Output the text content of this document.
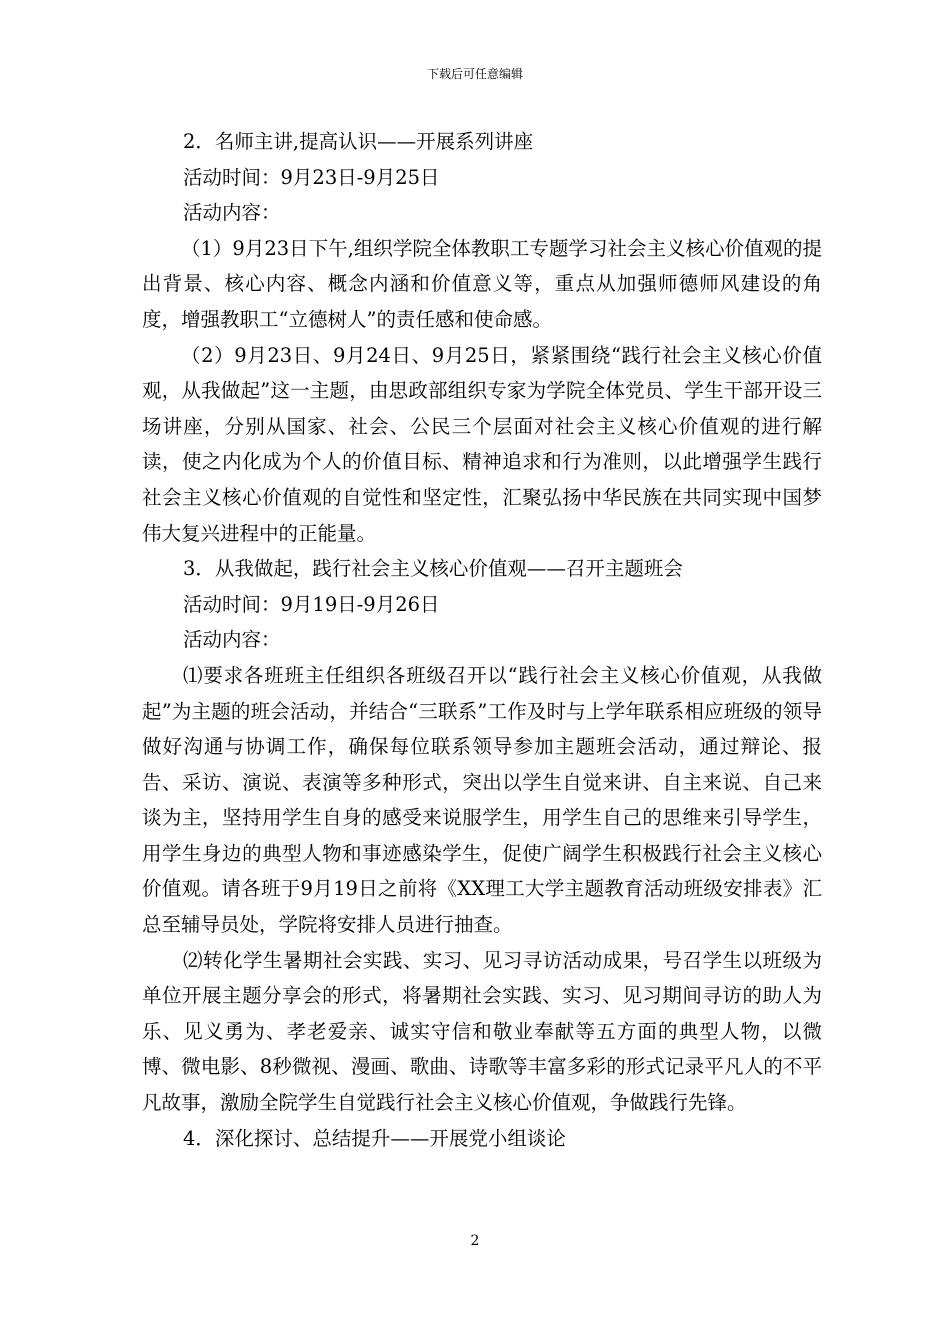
下载后可任意编辑

2．名师主讲,提高认识——开展系列讲座

活动时间：9月23日-9月25日

活动内容：

（1）9月23日下午,组织学院全体教职工专题学习社会主义核心价值观的提出背景、核心内容、概念内涵和价值意义等，重点从加强师德师风建设的角度，增强教职工“立德树人”的责任感和使命感。

（2）9月23日、9月24日、9月25日，紧紧围绕“践行社会主义核心价值观，从我做起”这一主题，由思政部组织专家为学院全体党员、学生干部开设三场讲座，分别从国家、社会、公民三个层面对社会主义核心价值观的进行解读，使之内化成为个人的价值目标、精神追求和行为准则，以此增强学生践行社会主义核心价值观的自觉性和坚定性，汇聚弘扬中华民族在共同实现中国梦伟大复兴进程中的正能量。

3．从我做起，践行社会主义核心价值观——召开主题班会

活动时间：9月19日-9月26日

活动内容：

⑴要求各班班主任组织各班级召开以“践行社会主义核心价值观，从我做起”为主题的班会活动，并结合“三联系”工作及时与上学年联系相应班级的领导做好沟通与协调工作，确保每位联系领导参加主题班会活动，通过辩论、报告、采访、演说、表演等多种形式，突出以学生自觉来讲、自主来说、自己来谈为主，坚持用学生自身的感受来说服学生，用学生自己的思维来引导学生，用学生身边的典型人物和事迹感染学生，促使广阔学生积极践行社会主义核心价值观。请各班于9月19日之前将《XX理工大学主题教育活动班级安排表》汇总至辅导员处，学院将安排人员进行抽查。

⑵转化学生暑期社会实践、实习、见习寻访活动成果，号召学生以班级为单位开展主题分享会的形式，将暑期社会实践、实习、见习期间寻访的助人为乐、见义勇为、孝老爱亲、诚实守信和敬业奉献等五方面的典型人物，以微博、微电影、8秒微视、漫画、歌曲、诗歌等丰富多彩的形式记录平凡人的不平凡故事，激励全院学生自觉践行社会主义核心价值观，争做践行先锋。

4．深化探讨、总结提升——开展党小组谈论

2
